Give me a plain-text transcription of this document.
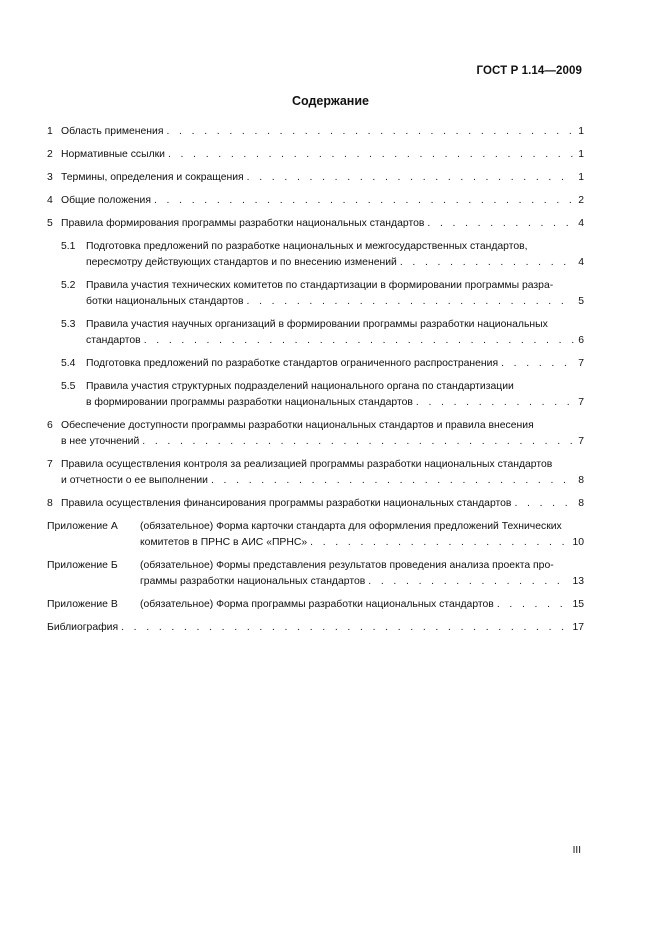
ГОСТ Р 1.14—2009
Содержание
1 Область применения . . .	1
2 Нормативные ссылки . . .	1
3 Термины, определения и сокращения . . .	1
4 Общие положения . . .	2
5 Правила формирования программы разработки национальных стандартов . . .	4
5.1	Подготовка предложений по разработке национальных и межгосударственных стандартов,
пересмотру действующих стандартов и по внесению изменений . . .	4
5.2	Правила участия технических комитетов по стандартизации в формировании программы разра-
ботки национальных стандартов . . .	5
5.3	Правила участия научных организаций в формировании программы разработки национальных
стандартов . . .	6
5.4 Подготовка предложений по разработке стандартов ограниченного распространения . . .	7
5.5	Правила участия структурных подразделений национального органа по стандартизации
в формировании программы разработки национальных стандартов . . .	7
6 Обеспечение доступности программы разработки национальных стандартов и правила внесения
в нее уточнений . . .	7
7 Правила осуществления контроля за реализацией программы разработки национальных стандартов
и отчетности о ее выполнении . . .	8
8 Правила осуществления финансирования программы разработки национальных стандартов . . .	8
Приложение А	(обязательное) Форма карточки стандарта для оформления предложений Технических
комитетов в ПРНС в АИС «ПРНС» . . .	10
Приложение Б	(обязательное) Формы представления результатов проведения анализа проекта про-
граммы разработки национальных стандартов . . .	13
Приложение В (обязательное) Форма программы разработки национальных стандартов . . .	15
Библиография . . .	17
III
